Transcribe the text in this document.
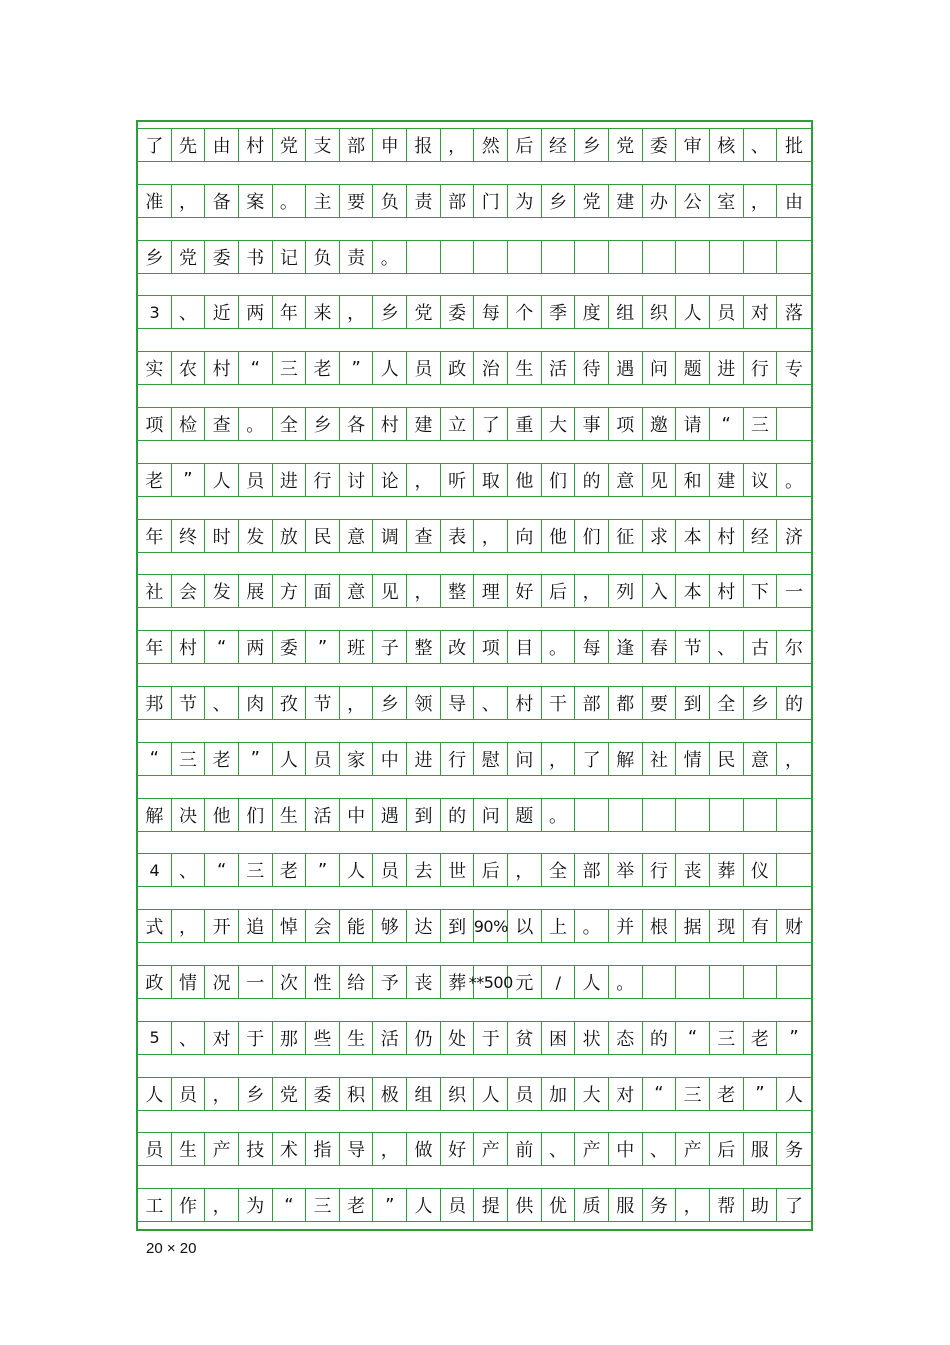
了 先 由 村 党 支 部 申 报 ， 然 后 经 乡 党 委 审 核 、 批
准 ， 备 案 。 主 要 负 责 部 门 为 乡 党 建 办 公 室 ， 由
乡 党 委 书 记 负 责 。
3	、 近 两 年 来 ， 乡 党 委 每 个 季 度 组 织 人 员 对 落
实 农 村	“	三 老	”	人 员 政 治 生 活 待 遇 问 题 进 行 专
项 检 查 。 全 乡 各 村 建 立 了 重 大 事 项 邀 请	“	三
老	”	人 员 进 行 讨 论 ， 听 取 他 们 的 意 见 和 建 议 。
年 终 时 发 放 民 意 调 查 表 ， 向 他 们 征 求 本 村 经 济
社 会 发 展 方 面 意 见 ， 整 理 好 后 ， 列 入 本 村 下 一
年 村	“	两 委	”	班 子 整 改 项 目 。 每 逢 春 节 、 古 尔
邦 节 、 肉 孜 节 ， 乡 领 导 、 村 干 部 都 要 到 全 乡 的
“	三 老	”	人 员 家 中 进 行 慰 问 ， 了 解 社 情 民 意 ，
解 决 他 们 生 活 中 遇 到 的 问 题 。
4	、	“	三 老	”	人 员 去 世 后 ， 全 部 举 行 丧 葬 仪
式 ， 开 追 悼 会 能 够 达 到 90% 以 上 。 并 根 据 现 有 财
政 情 况 一 次 性 给 予 丧 葬 **500 元	/	人 。
5	、 对 于 那 些 生 活 仍 处 于 贫 困 状 态 的	“	三 老	”
人 员 ， 乡 党 委 积 极 组 织 人 员 加 大 对	“	三 老	”	人
员 生 产 技 术 指 导 ， 做 好 产 前 、 产 中 、 产 后 服 务
工 作 ， 为	“	三 老	”	人 员 提 供 优 质 服 务 ， 帮 助 了
20 × 20
